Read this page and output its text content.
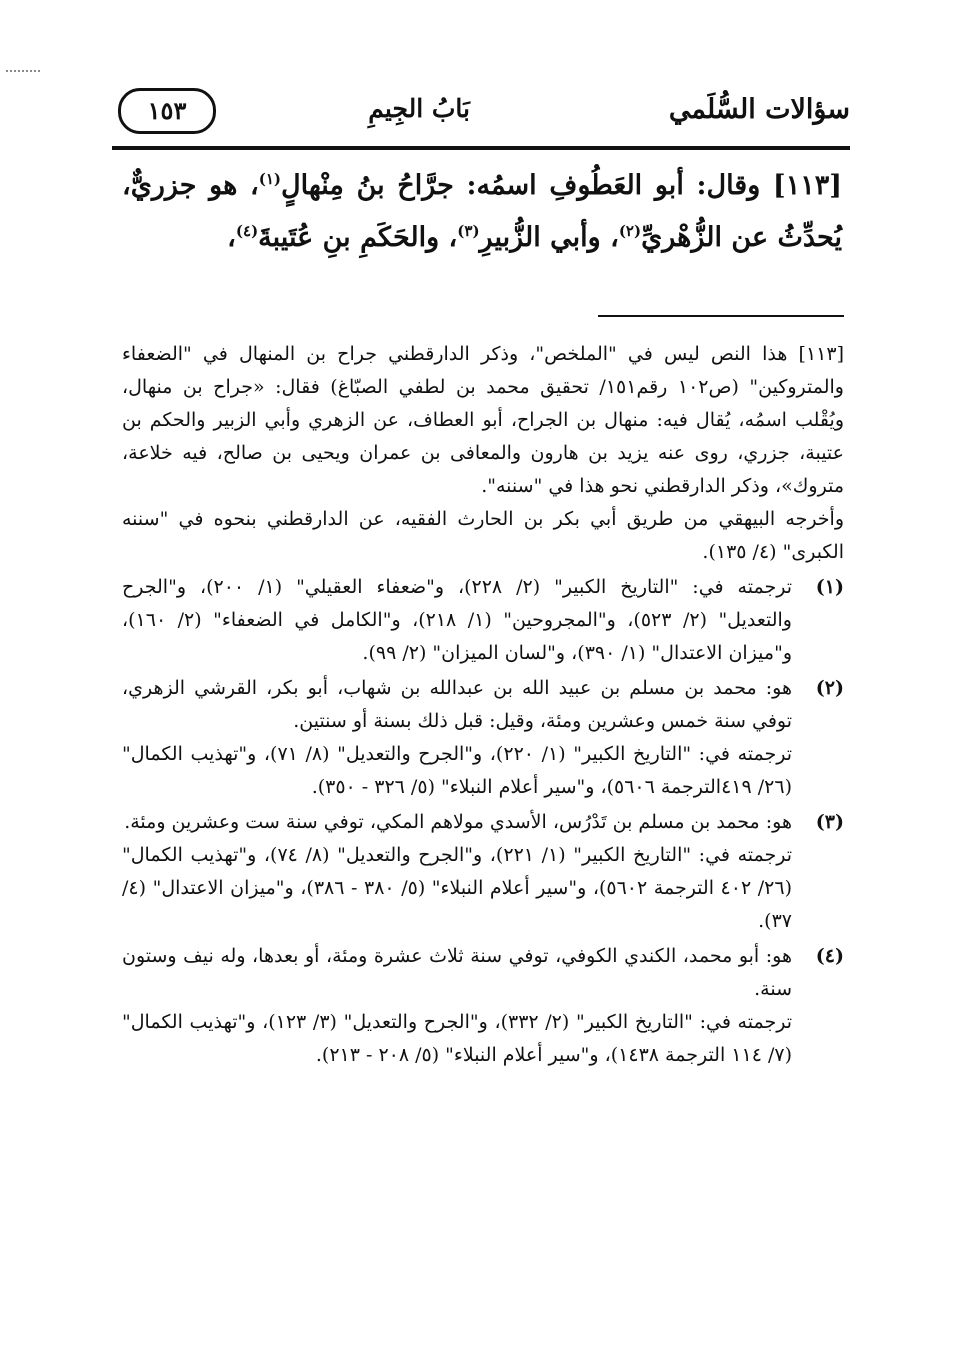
سؤالات السُّلَمي
بَابُ الجِيمِ
١٥٣

[١١٣] وقال: أبو العَطُوفِ اسمُه: جرَّاحُ بنُ مِنْهالٍ$^{(١)}$، هو جزريٌّ، يُحدِّثُ عن الزُّهْريِّ$^{(٢)}$، وأبي الزُّبيرِ$^{(٣)}$، والحَكَمِ بنِ عُتَيبةَ$^{(٤)}$،

[١١٣] هذا النص ليس في "الملخص"، وذكر الدارقطني جراح بن المنهال في "الضعفاء والمتروكين" (ص١٠٢ رقم١٥١/ تحقيق محمد بن لطفي الصبّاغ) فقال: «جراح بن منهال، ويُقْلب اسمُه، يُقال فيه: منهال بن الجراح، أبو العطاف، عن الزهري وأبي الزبير والحكم بن عتيبة، جزري، روى عنه يزيد بن هارون والمعافى بن عمران ويحيى بن صالح، فيه خلاعة، متروك»، وذكر الدارقطني نحو هذا في "سننه".

وأخرجه البيهقي من طريق أبي بكر بن الحارث الفقيه، عن الدارقطني بنحوه في "سننه الكبرى" (٤/ ١٣٥).

(١)

ترجمته في: "التاريخ الكبير" (٢/ ٢٢٨)، و"ضعفاء العقيلي" (١/ ٢٠٠)، و"الجرح والتعديل" (٢/ ٥٢٣)، و"المجروحين" (١/ ٢١٨)، و"الكامل في الضعفاء" (٢/ ١٦٠)، و"ميزان الاعتدال" (١/ ٣٩٠)، و"لسان الميزان" (٢/ ٩٩).

(٢)

هو: محمد بن مسلم بن عبيد الله بن عبدالله بن شهاب، أبو بكر، القرشي الزهري، توفي سنة خمس وعشرين ومئة، وقيل: قبل ذلك بسنة أو سنتين.

ترجمته في: "التاريخ الكبير" (١/ ٢٢٠)، و"الجرح والتعديل" (٨/ ٧١)، و"تهذيب الكمال" (٢٦/ ٤١٩الترجمة ٥٦٠٦)، و"سير أعلام النبلاء" (٥/ ٣٢٦ - ٣٥٠).

(٣)

هو: محمد بن مسلم بن تَدْرُس، الأسدي مولاهم المكي، توفي سنة ست وعشرين ومئة.

ترجمته في: "التاريخ الكبير" (١/ ٢٢١)، و"الجرح والتعديل" (٨/ ٧٤)، و"تهذيب الكمال" (٢٦/ ٤٠٢ الترجمة ٥٦٠٢)، و"سير أعلام النبلاء" (٥/ ٣٨٠ - ٣٨٦)، و"ميزان الاعتدال" (٤/ ٣٧).

(٤)

هو: أبو محمد، الكندي الكوفي، توفي سنة ثلاث عشرة ومئة، أو بعدها، وله نيف وستون سنة.

ترجمته في: "التاريخ الكبير" (٢/ ٣٣٢)، و"الجرح والتعديل" (٣/ ١٢٣)، و"تهذيب الكمال" (٧/ ١١٤ الترجمة ١٤٣٨)، و"سير أعلام النبلاء" (٥/ ٢٠٨ - ٢١٣).
